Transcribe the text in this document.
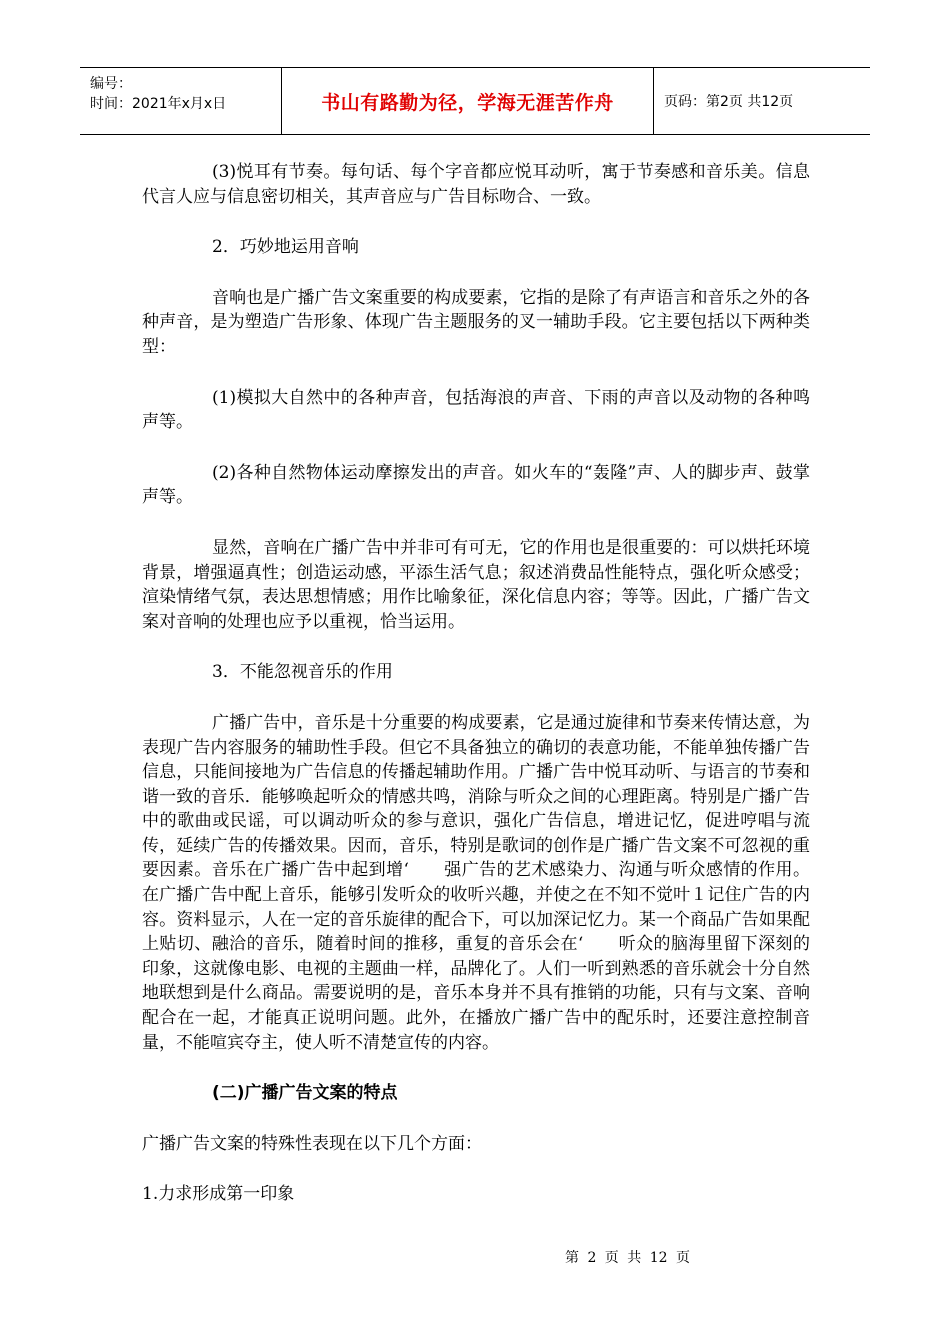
编号：
时间：2021年x月x日	书山有路勤为径，学海无涯苦作舟	页码：第2页 共12页

(3)悦耳有节奏。每句话、每个字音都应悦耳动听，寓于节奏感和音乐美。信息代言人应与信息密切相关，其声音应与广告目标吻合、一致。

2．巧妙地运用音响

音响也是广播广告文案重要的构成要素，它指的是除了有声语言和音乐之外的各种声音，是为塑造广告形象、体现广告主题服务的叉一辅助手段。它主要包括以下两种类型：

(1)模拟大自然中的各种声音，包括海浪的声音、下雨的声音以及动物的各种鸣声等。

(2)各种自然物体运动摩擦发出的声音。如火车的“轰隆”声、人的脚步声、鼓掌声等。

显然，音响在广播广告中并非可有可无，它的作用也是很重要的：可以烘托环境背景，增强逼真性；创造运动感，平添生活气息；叙述消费品性能特点，强化听众感受；渲染情绪气氛，表达思想情感；用作比喻象征，深化信息内容；等等。因此，广播广告文案对音响的处理也应予以重视，恰当运用。

3．不能忽视音乐的作用

广播广告中，音乐是十分重要的构成要素，它是通过旋律和节奏来传情达意，为表现广告内容服务的辅助性手段。但它不具备独立的确切的表意功能，不能单独传播广告信息，只能间接地为广告信息的传播起辅助作用。广播广告中悦耳动听、与语言的节奏和谐一致的音乐．能够唤起听众的情感共鸣，消除与听众之间的心理距离。特别是广播广告中的歌曲或民谣，可以调动听众的参与意识，强化广告信息，增进记忆，促进哼唱与流传，延续广告的传播效果。因而，音乐，特别是歌词的创作是广播广告文案不可忽视的重要因素。音乐在广播广告中起到增‘　　强广告的艺术感染力、沟通与听众感情的作用。在广播广告中配上音乐，能够引发听众的收听兴趣，并使之在不知不觉叶１记住广告的内容。资料显示，人在一定的音乐旋律的配合下，可以加深记忆力。某一个商品广告如果配上贴切、融洽的音乐，随着时间的推移，重复的音乐会在‘　　听众的脑海里留下深刻的印象，这就像电影、电视的主题曲一样，品牌化了。人们一听到熟悉的音乐就会十分自然地联想到是什么商品。需要说明的是，音乐本身并不具有推销的功能，只有与文案、音响配合在一起，才能真正说明问题。此外，在播放广播广告中的配乐时，还要注意控制音量，不能喧宾夺主，使人听不清楚宣传的内容。

(二)广播广告文案的特点

广播广告文案的特殊性表现在以下几个方面：

1.力求形成第一印象

第 2 页 共 12 页
